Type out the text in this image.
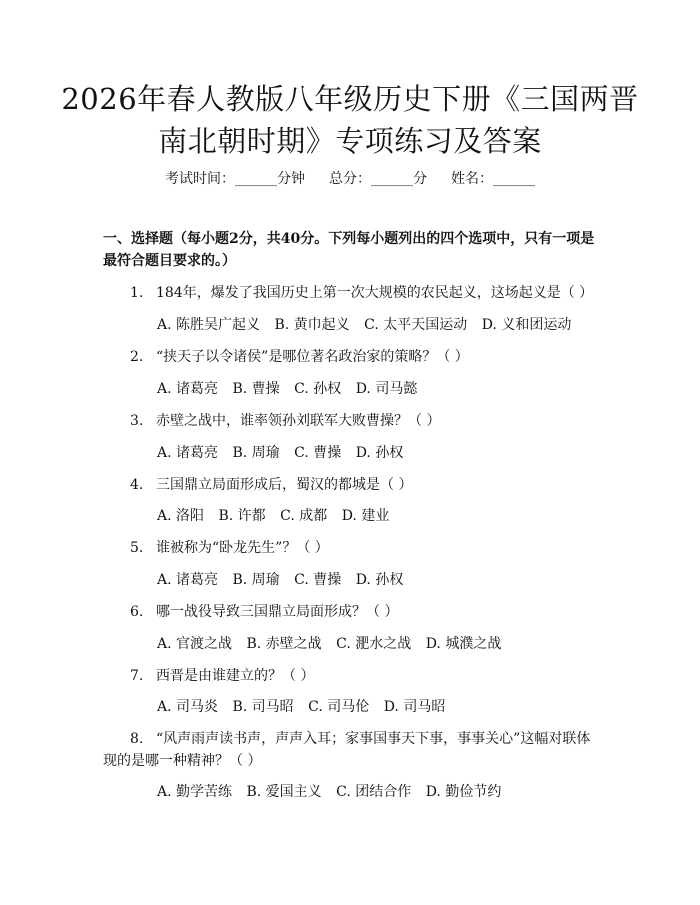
2026年春人教版八年级历史下册《三国两晋
南北朝时期》专项练习及答案
考试时间：______分钟 总分：______分 姓名：______
一、选择题（每小题2分，共40分。下列每小题列出的四个选项中，只有一项是最符合题目要求的。）
1. 184年，爆发了我国历史上第一次大规模的农民起义，这场起义是（ ）
A. 陈胜吴广起义 B. 黄巾起义 C. 太平天国运动 D. 义和团运动
2. “挟天子以令诸侯”是哪位著名政治家的策略？（ ）
A. 诸葛亮 B. 曹操 C. 孙权 D. 司马懿
3. 赤壁之战中，谁率领孙刘联军大败曹操？（ ）
A. 诸葛亮 B. 周瑜 C. 曹操 D. 孙权
4. 三国鼎立局面形成后，蜀汉的都城是（ ）
A. 洛阳 B. 许都 C. 成都 D. 建业
5. 谁被称为“卧龙先生”？（ ）
A. 诸葛亮 B. 周瑜 C. 曹操 D. 孙权
6. 哪一战役导致三国鼎立局面形成？（ ）
A. 官渡之战 B. 赤壁之战 C. 淝水之战 D. 城濮之战
7. 西晋是由谁建立的？（ ）
A. 司马炎 B. 司马昭 C. 司马伦 D. 司马昭
8. “风声雨声读书声，声声入耳；家事国事天下事，事事关心”这幅对联体现的是哪一种精神？（ ）
A. 勤学苦练 B. 爱国主义 C. 团结合作 D. 勤俭节约
